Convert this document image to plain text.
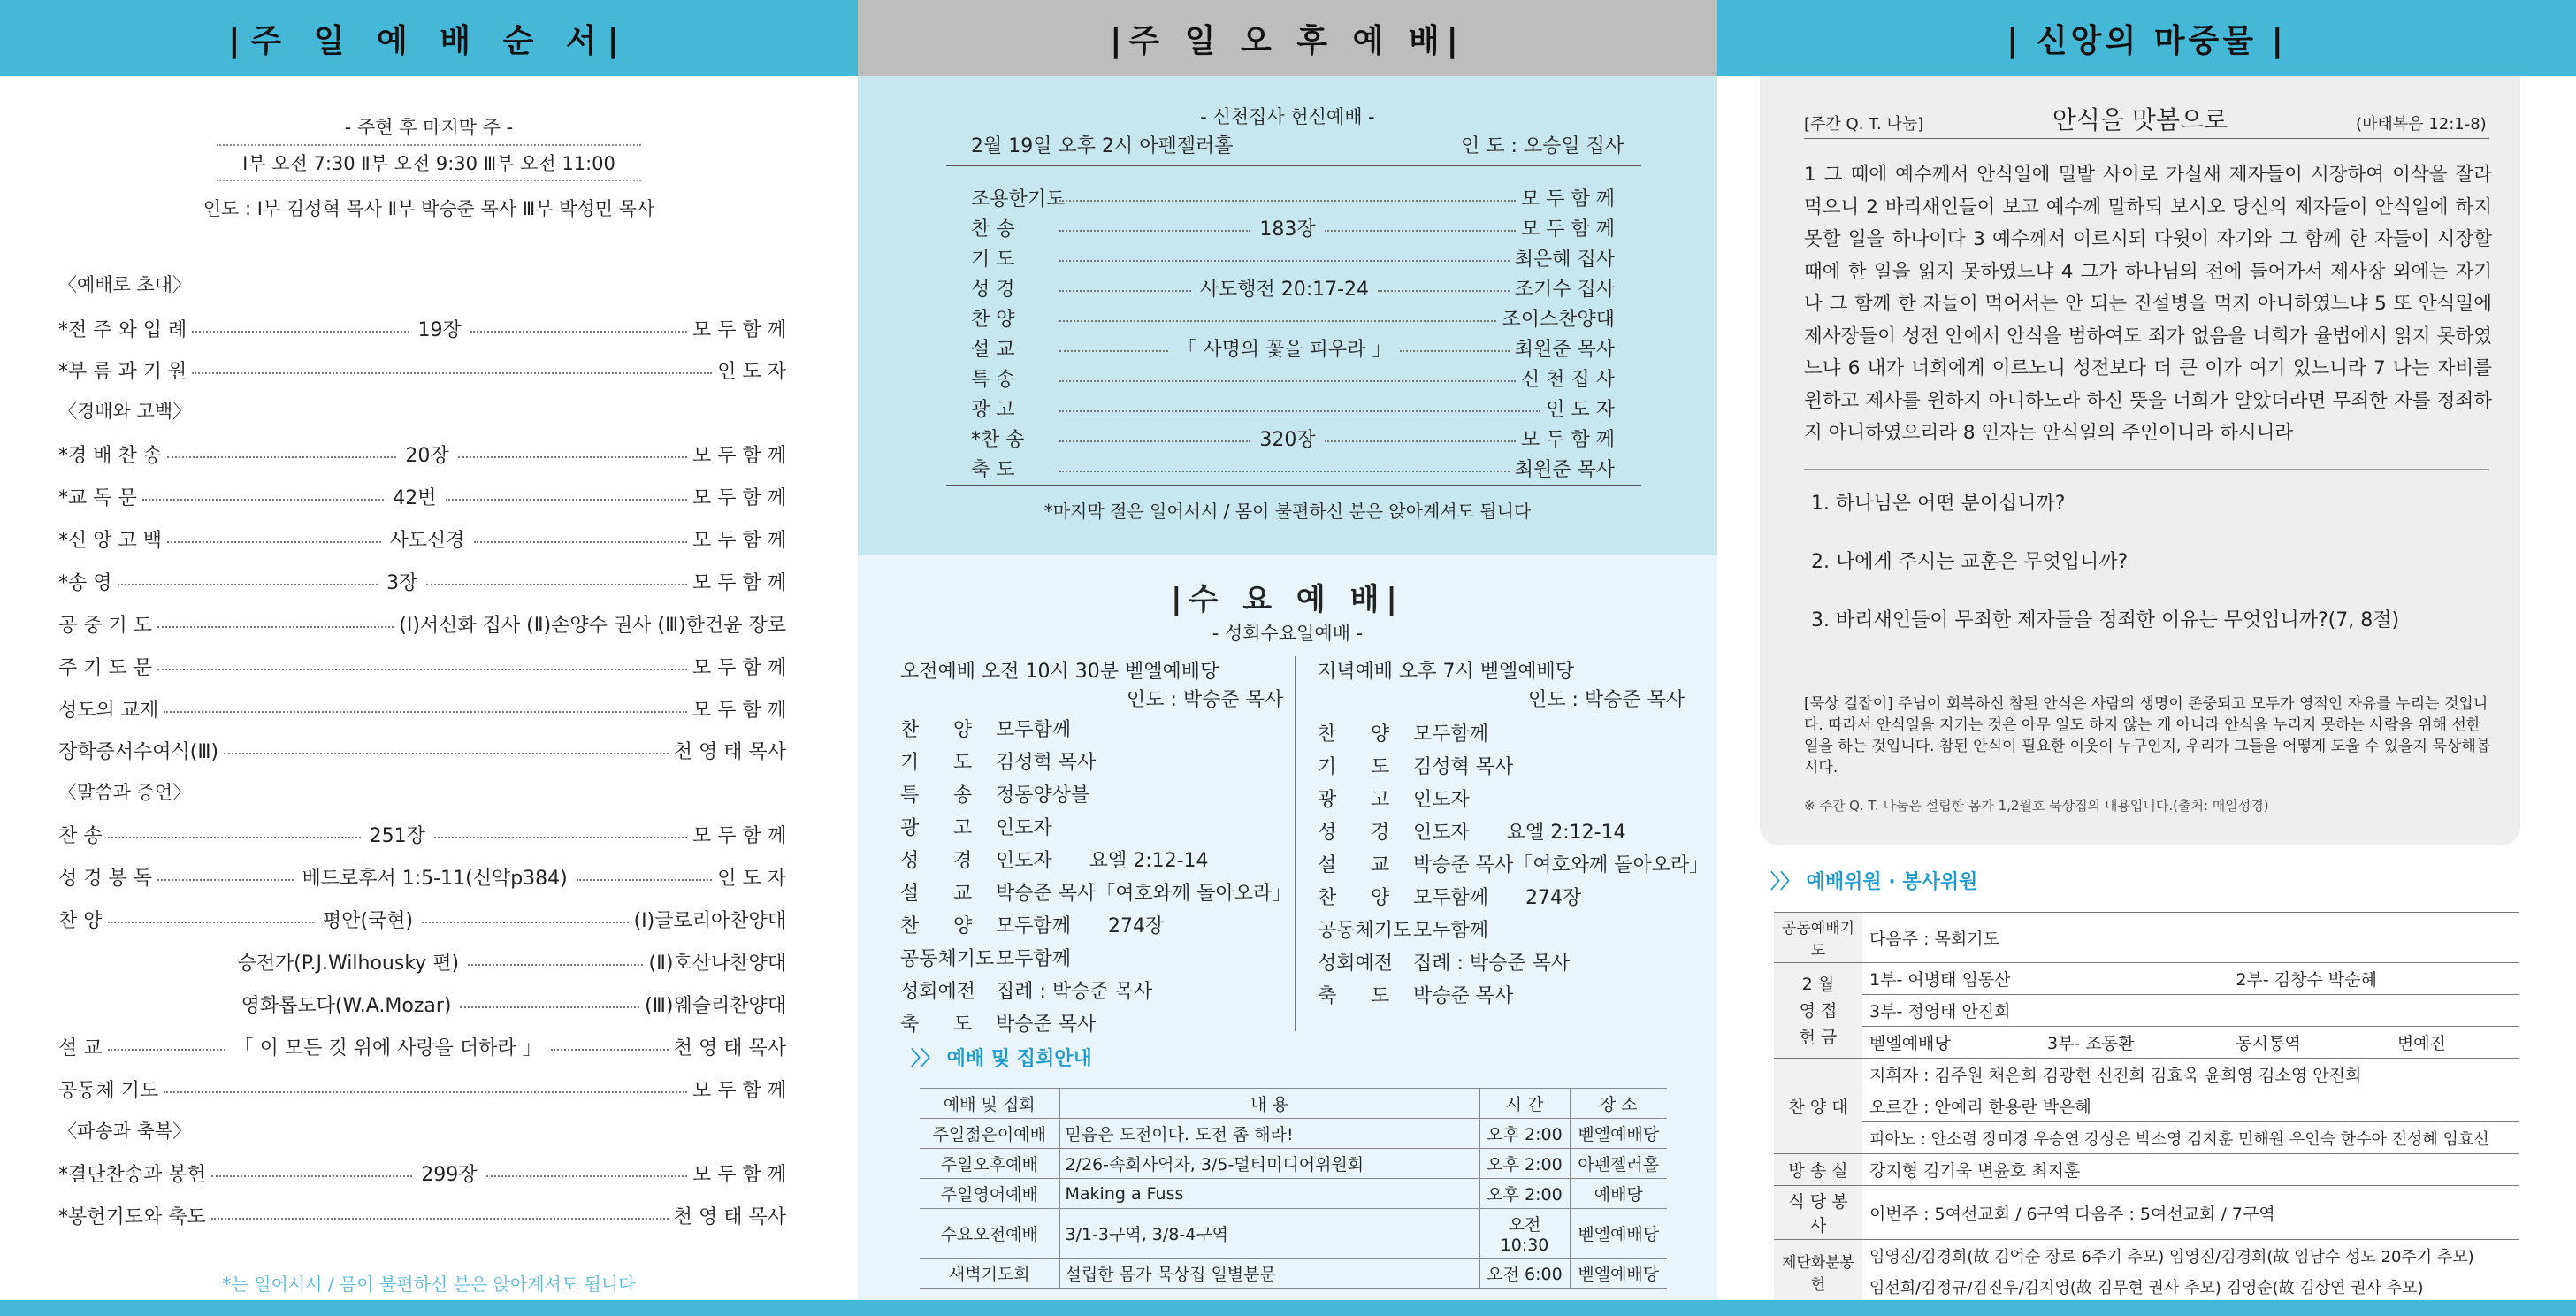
|주 일 예 배 순 서|	|주 일 오 후 예 배|	| 신앙의 마중물 |
- 주현 후 마지막 주 -
Ⅰ부 오전 7:30 Ⅱ부 오전 9:30 Ⅲ부 오전 11:00
인도 : Ⅰ부 김성혁 목사 Ⅱ부 박승준 목사 Ⅲ부 박성민 목사
〈예배로 초대〉
〈경배와 고백〉
〈말씀과 증언〉
〈파송과 축복〉
*전 주 와 입 례	19장	모 두 함 께
*부 름 과 기 원	인 도 자
*경 배 찬 송	20장	모 두 함 께
*교 독 문	42번	모 두 함 께
*신 앙 고 백	사도신경	모 두 함 께
*송 영	3장	모 두 함 께
공 중 기 도	(Ⅰ)서신화 집사 (Ⅱ)손양수 권사 (Ⅲ)한건윤 장로
주 기 도 문	모 두 함 께
성도의 교제	모 두 함 께
장학증서수여식(Ⅲ)	천 영 태 목사
찬 송	251장	모 두 함 께
성 경 봉 독	베드로후서 1:5-11(신약p384)	인 도 자
찬 양	평안(국현)	(Ⅰ)글로리아찬양대
승전가(P.J.Wilhousky 편)	(Ⅱ)호산나찬양대
영화롭도다(W.A.Mozar)	(Ⅲ)웨슬리찬양대
설 교	「 이 모든 것 위에 사랑을 더하라 」	천 영 태 목사
공동체 기도	모 두 함 께
*결단찬송과 봉헌	299장	모 두 함 께
*봉헌기도와 축도	천 영 태 목사
*는 일어서서 / 몸이 불편하신 분은 앉아계셔도 됩니다
- 신천집사 헌신예배 -
2월 19일 오후 2시 아펜젤러홀	인 도 : 오승일 집사
조용한기도	모 두 함 께
찬 송	183장	모 두 함 께
기 도	최은혜 집사
성 경	사도행전 20:17-24	조기수 집사
찬 양	조이스찬양대
설 교	「 사명의 꽃을 피우라 」	최원준 목사
특 송	신 천 집 사
광 고	인 도 자
*찬 송	320장	모 두 함 께
축 도	최원준 목사
*마지막 절은 일어서서 / 몸이 불편하신 분은 앉아계셔도 됩니다
|수 요 예 배|
- 성회수요일예배 -
오전예배 오전 10시 30분 벧엘예배당
인도 : 박승준 목사
저녁예배 오후 7시 벧엘예배당
인도 : 박승준 목사
찬	양	모두함께
기	도	김성혁 목사
특	송	정동양상블
광	고	인도자
성	경	인도자      요엘 2:12-14
설	교	박승준 목사「여호와께 돌아오라」
찬	양	모두함께      274장
공동체기도 모두함께
성회예전	집례 : 박승준 목사
축	도	박승준 목사
찬	양	모두함께
기	도	김성혁 목사
광	고	인도자
성	경	인도자      요엘 2:12-14
설	교	박승준 목사「여호와께 돌아오라」
찬	양	모두함께      274장
공동체기도 모두함께
성회예전	집례 : 박승준 목사
축	도	박승준 목사
〉〉 예배 및 집회안내
예배 및 집회	내 용	시 간	장 소
주일젊은이예배	믿음은 도전이다. 도전 좀 해라!	오후 2:00	벧엘예배당
주일오후예배	2/26-속회사역자, 3/5-멀티미디어위원회	오후 2:00	아펜젤러홀
주일영어예배	Making a Fuss	오후 2:00	예배당
수요오전예배	3/1-3구역, 3/8-4구역	오전 10:30	벧엘예배당
새벽기도회	설립한 몸가 묵상집 일별분문	오전 6:00	벧엘예배당
[주간 Q. T. 나눔]	안식을 맛봄으로	(마태복음 12:1-8)
1 그 때에 예수께서 안식일에 밀밭 사이로 가실새 제자들이 시장하여 이삭을 잘라 먹으니 2 바리새인들이 보고 예수께 말하되 보시오 당신의 제자들이 안식일에 하지 못할 일을 하나이다 3 예수께서 이르시되 다윗이 자기와 그 함께 한 자들이 시장할 때에 한 일을 읽지 못하였느냐 4 그가 하나님의 전에 들어가서 제사장 외에는 자기나 그 함께 한 자들이 먹어서는 안 되는 진설병을 먹지 아니하였느냐 5 또 안식일에 제사장들이 성전 안에서 안식을 범하여도 죄가 없음을 너희가 율법에서 읽지 못하였느냐 6 내가 너희에게 이르노니 성전보다 더 큰 이가 여기 있느니라 7 나는 자비를 원하고 제사를 원하지 아니하노라 하신 뜻을 너희가 알았더라면 무죄한 자를 정죄하지 아니하였으리라 8 인자는 안식일의 주인이니라 하시니라
1. 하나님은 어떤 분이십니까?
2. 나에게 주시는 교훈은 무엇입니까?
3. 바리새인들이 무죄한 제자들을 정죄한 이유는 무엇입니까?(7, 8절)
[묵상 길잡이] 주님이 회복하신 참된 안식은 사람의 생명이 존중되고 모두가 영적인 자유를 누리는 것입니다. 따라서 안식일을 지키는 것은 아무 일도 하지 않는 게 아니라 안식을 누리지 못하는 사람을 위해 선한 일을 하는 것입니다. 참된 안식이 필요한 이웃이 누구인지, 우리가 그들을 어떻게 도울 수 있을지 묵상해봅시다.
※ 주간 Q. T. 나눔은 설립한 몸가 1,2월호 묵상집의 내용입니다.(출처: 매일성경)
〉〉 예배위원 · 봉사위원
공동예배기도	다음주 : 목회기도			
2 월
영 접
헌 금	1부- 여병태 임동산		2부- 김창수 박순혜	
	3부- 정영태 안진희			
	벧엘예배당	3부- 조동환	동시통역	변예진
찬 양 대	지휘자 : 김주원 채은희 김광현 신진희 김효욱 윤희영 김소영 안진희			
	오르간 : 안예리 한용란 박은혜			
	피아노 : 안소렴 장미경 우승연 강상은 박소영 김지훈 민해원 우인숙 한수아 전성혜 임효선			
방 송 실	강지형 김기욱 변윤호 최지훈			
식 당 봉 사	이번주 : 5여선교회 / 6구역 다음주 : 5여선교회 / 7구역			
제단화분봉헌	임영진/김경희(故 김억순 장로 6주기 추모) 임영진/김경희(故 임남수 성도 20주기 추모)			
	임선희/김정규/김진우/김지영(故 김무현 권사 추모) 김영순(故 김상연 권사 추모)			
